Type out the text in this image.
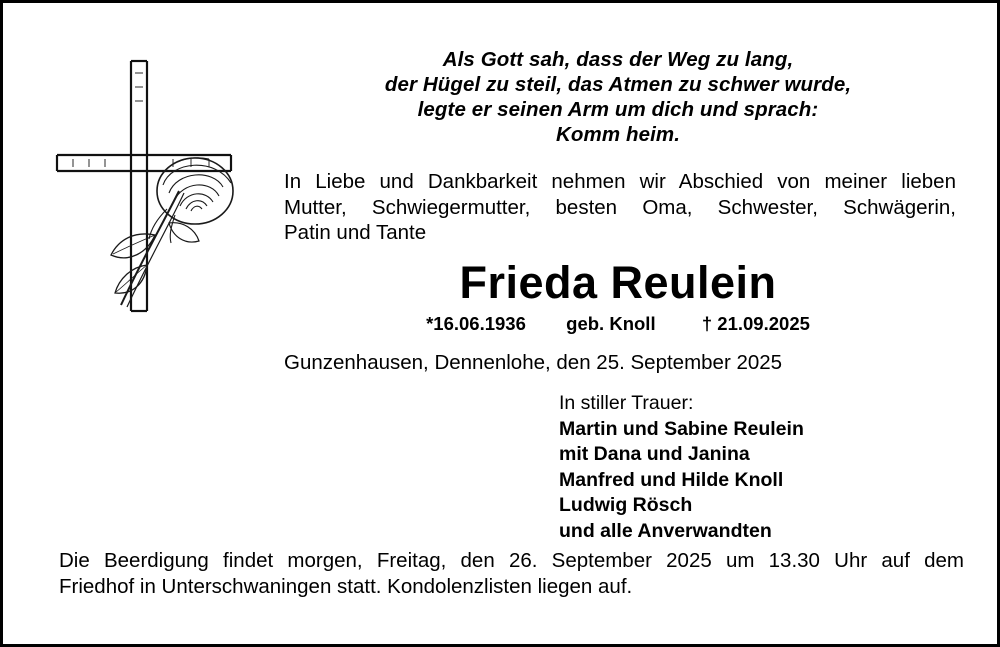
Als Gott sah, dass der Weg zu lang,
der Hügel zu steil, das Atmen zu schwer wurde,
legte er seinen Arm um dich und sprach:
Komm heim.
In Liebe und Dankbarkeit nehmen wir Abschied von meiner lieben
Mutter, Schwiegermutter, besten Oma, Schwester, Schwägerin,
Patin und Tante
Frieda Reulein
*16.06.1936 geb. Knoll	† 21.09.2025
Gunzenhausen, Dennenlohe, den 25. September 2025
In stiller Trauer:
Martin und Sabine Reulein
mit Dana und Janina
Manfred und Hilde Knoll
Ludwig Rösch
und alle Anverwandten
Die Beerdigung findet morgen, Freitag, den 26. September 2025 um 13.30 Uhr auf dem
Friedhof in Unterschwaningen statt. Kondolenzlisten liegen auf.
